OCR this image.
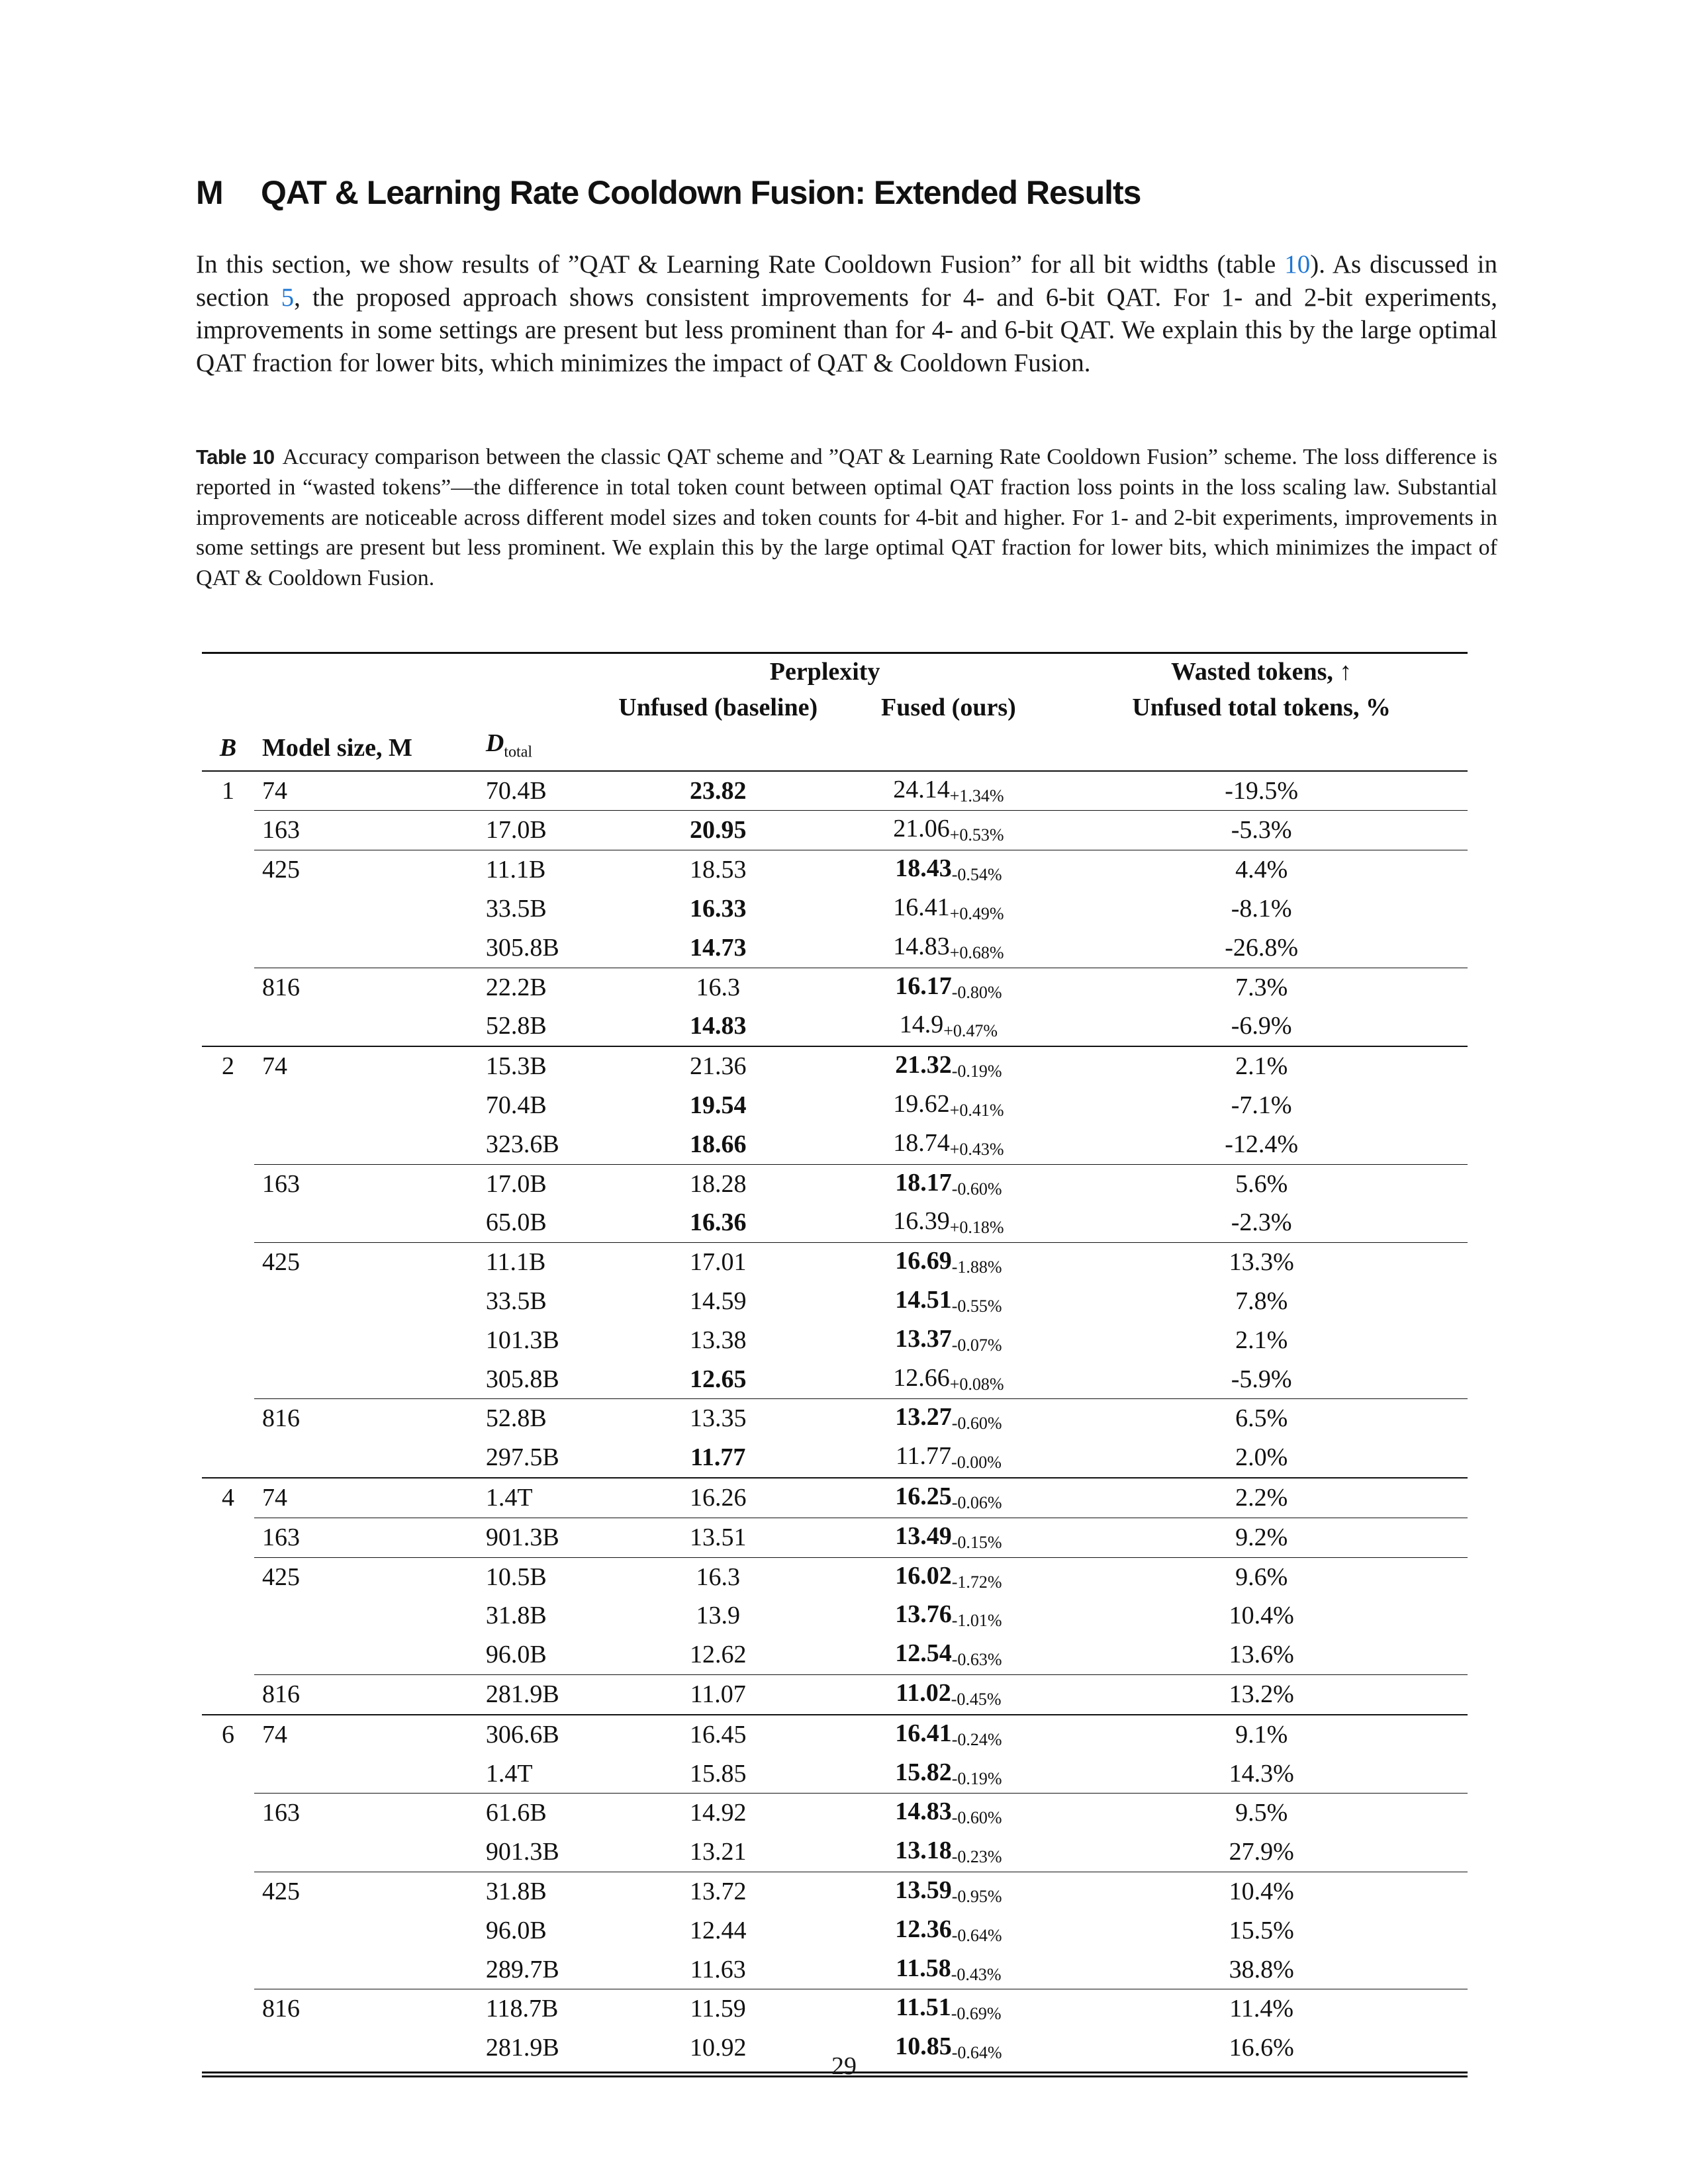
M QAT & Learning Rate Cooldown Fusion: Extended Results

In this section, we show results of ”QAT & Learning Rate Cooldown Fusion” for all bit widths (table 10). As discussed in section 5, the proposed approach shows consistent improvements for 4- and 6-bit QAT. For 1- and 2-bit experiments, improvements in some settings are present but less prominent than for 4- and 6-bit QAT. We explain this by the large optimal QAT fraction for lower bits, which minimizes the impact of QAT & Cooldown Fusion.

Table 10 Accuracy comparison between the classic QAT scheme and ”QAT & Learning Rate Cooldown Fusion” scheme. The loss difference is reported in “wasted tokens”—the difference in total token count between optimal QAT fraction loss points in the loss scaling law. Substantial improvements are noticeable across different model sizes and token counts for 4-bit and higher. For 1- and 2-bit experiments, improvements in some settings are present but less prominent. We explain this by the large optimal QAT fraction for lower bits, which minimizes the impact of QAT & Cooldown Fusion.

			Perplexity		Wasted tokens, ↑
			Unfused (baseline)	Fused (ours)	Unfused total tokens, %
B	Model size, M	$D_{total}$			
1	74	70.4B	23.82	$24.14_{+1.34\%}$	-19.5%
	163	17.0B	20.95	$21.06_{+0.53\%}$	-5.3%
	425	11.1B	18.53	$18.43_{-0.54\%}$	4.4%
		33.5B	16.33	$16.41_{+0.49\%}$	-8.1%
		305.8B	14.73	$14.83_{+0.68\%}$	-26.8%
	816	22.2B	16.3	$16.17_{-0.80\%}$	7.3%
		52.8B	14.83	$14.9_{+0.47\%}$	-6.9%
2	74	15.3B	21.36	$21.32_{-0.19\%}$	2.1%
		70.4B	19.54	$19.62_{+0.41\%}$	-7.1%
		323.6B	18.66	$18.74_{+0.43\%}$	-12.4%
	163	17.0B	18.28	$18.17_{-0.60\%}$	5.6%
		65.0B	16.36	$16.39_{+0.18\%}$	-2.3%
	425	11.1B	17.01	$16.69_{-1.88\%}$	13.3%
		33.5B	14.59	$14.51_{-0.55\%}$	7.8%
		101.3B	13.38	$13.37_{-0.07\%}$	2.1%
		305.8B	12.65	$12.66_{+0.08\%}$	-5.9%
	816	52.8B	13.35	$13.27_{-0.60\%}$	6.5%
		297.5B	11.77	$11.77_{-0.00\%}$	2.0%
4	74	1.4T	16.26	$16.25_{-0.06\%}$	2.2%
	163	901.3B	13.51	$13.49_{-0.15\%}$	9.2%
	425	10.5B	16.3	$16.02_{-1.72\%}$	9.6%
		31.8B	13.9	$13.76_{-1.01\%}$	10.4%
		96.0B	12.62	$12.54_{-0.63\%}$	13.6%
	816	281.9B	11.07	$11.02_{-0.45\%}$	13.2%
6	74	306.6B	16.45	$16.41_{-0.24\%}$	9.1%
		1.4T	15.85	$15.82_{-0.19\%}$	14.3%
	163	61.6B	14.92	$14.83_{-0.60\%}$	9.5%
		901.3B	13.21	$13.18_{-0.23\%}$	27.9%
	425	31.8B	13.72	$13.59_{-0.95\%}$	10.4%
		96.0B	12.44	$12.36_{-0.64\%}$	15.5%
		289.7B	11.63	$11.58_{-0.43\%}$	38.8%
	816	118.7B	11.59	$11.51_{-0.69\%}$	11.4%
		281.9B	10.92	$10.85_{-0.64\%}$	16.6%
29
